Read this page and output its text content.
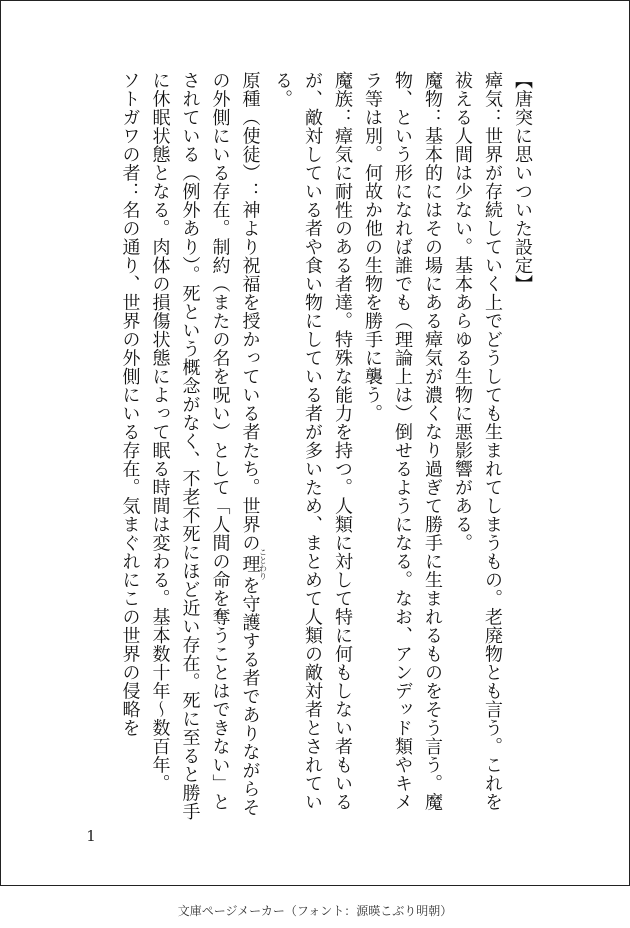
【唐突に思いついた設定】

瘴気：世界が存続していく上でどうしても生まれてしまうもの。老廃物とも言う。これを祓える人間は少ない。基本あらゆる生物に悪影響がある。

魔物：基本的にはその場にある瘴気が濃くなり過ぎて勝手に生まれるものをそう言う。魔物、という形になれば誰でも（理論上は）倒せるようになる。なお、アンデッド類やキメラ等は別。何故か他の生物を勝手に襲う。

魔族：瘴気に耐性のある者達。特殊な能力を持つ。人類に対して特に何もしない者もいるが、敵対している者や食い物にしている者が多いため、まとめて人類の敵対者とされている。

原種（使徒）：神より祝福を授かっている者たち。世界の理ことわりを守護する者でありながらその外側にいる存在。制約（またの名を呪い）として「人間の命を奪うことはできない」とされている（例外あり）。死という概念がなく、不老不死にほど近い存在。死に至ると勝手に休眠状態となる。肉体の損傷状態によって眠る時間は変わる。基本数十年～数百年。

ソトガワの者：名の通り、世界の外側にいる存在。気まぐれにこの世界の侵略を

1
文庫ページメーカー（フォント：源暎こぶり明朝）
